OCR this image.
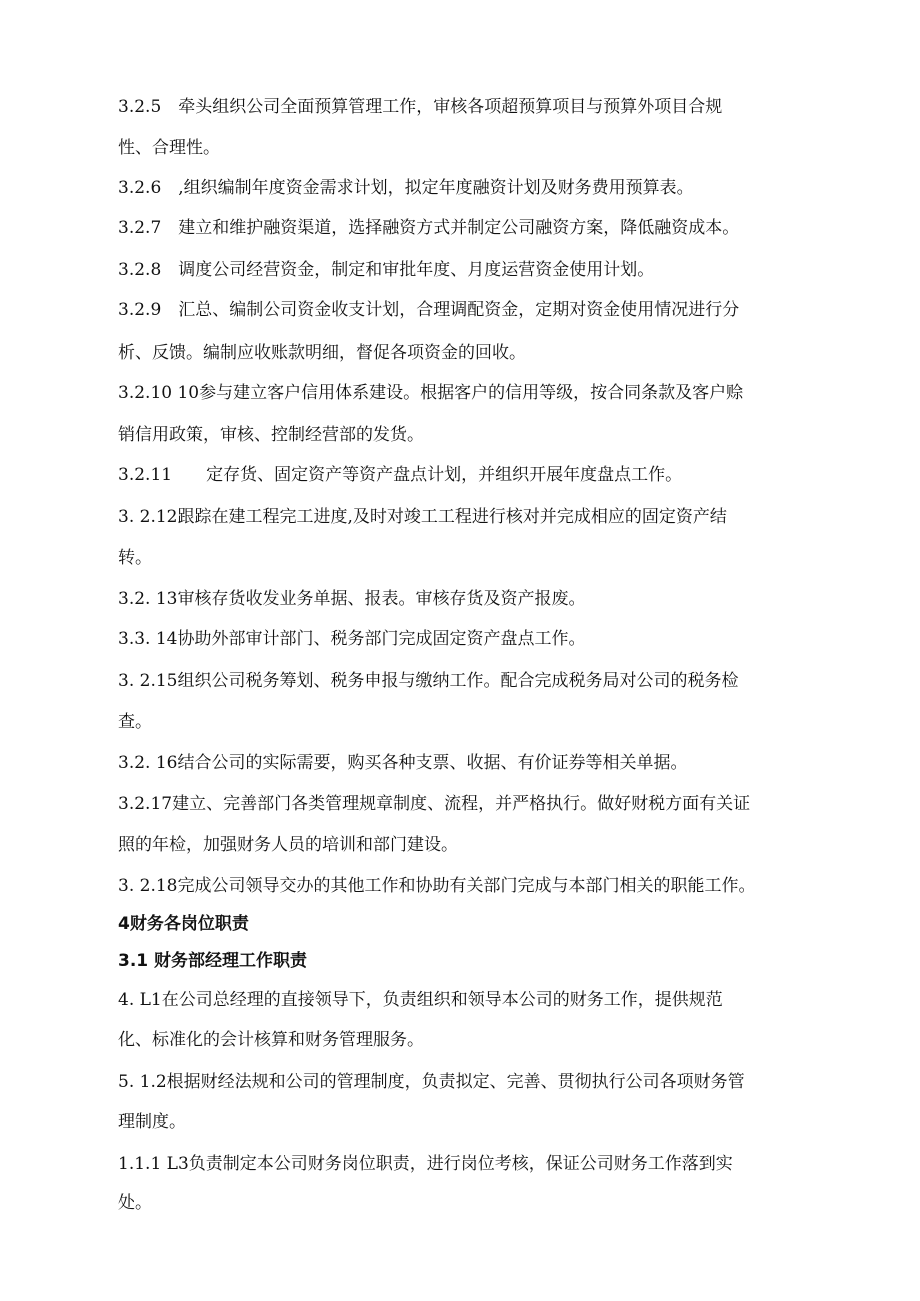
3.2.5　牵头组织公司全面预算管理工作，审核各项超预算项目与预算外项目合规

性、合理性。

3.2.6　,组织编制年度资金需求计划，拟定年度融资计划及财务费用预算表。

3.2.7　建立和维护融资渠道，选择融资方式并制定公司融资方案，降低融资成本。

3.2.8　调度公司经营资金，制定和审批年度、月度运营资金使用计划。

3.2.9　汇总、编制公司资金收支计划，合理调配资金，定期对资金使用情况进行分

析、反馈。编制应收账款明细，督促各项资金的回收。

3.2.10 10参与建立客户信用体系建设。根据客户的信用等级，按合同条款及客户赊

销信用政策，审核、控制经营部的发货。

3.2.11　　定存货、固定资产等资产盘点计划，并组织开展年度盘点工作。

3. 2.12跟踪在建工程完工进度,及时对竣工工程进行核对并完成相应的固定资产结

转。

3.2. 13审核存货收发业务单据、报表。审核存货及资产报废。

3.3. 14协助外部审计部门、税务部门完成固定资产盘点工作。

3. 2.15组织公司税务筹划、税务申报与缴纳工作。配合完成税务局对公司的税务检

查。

3.2. 16结合公司的实际需要，购买各种支票、收据、有价证券等相关单据。

3.2.17建立、完善部门各类管理规章制度、流程，并严格执行。做好财税方面有关证

照的年检，加强财务人员的培训和部门建设。

3. 2.18完成公司领导交办的其他工作和协助有关部门完成与本部门相关的职能工作。

4财务各岗位职责

3.1 财务部经理工作职责

4. L1在公司总经理的直接领导下，负责组织和领导本公司的财务工作，提供规范

化、标准化的会计核算和财务管理服务。

5. 1.2根据财经法规和公司的管理制度，负责拟定、完善、贯彻执行公司各项财务管

理制度。

1.1.1 L3负责制定本公司财务岗位职责，进行岗位考核，保证公司财务工作落到实

处。
